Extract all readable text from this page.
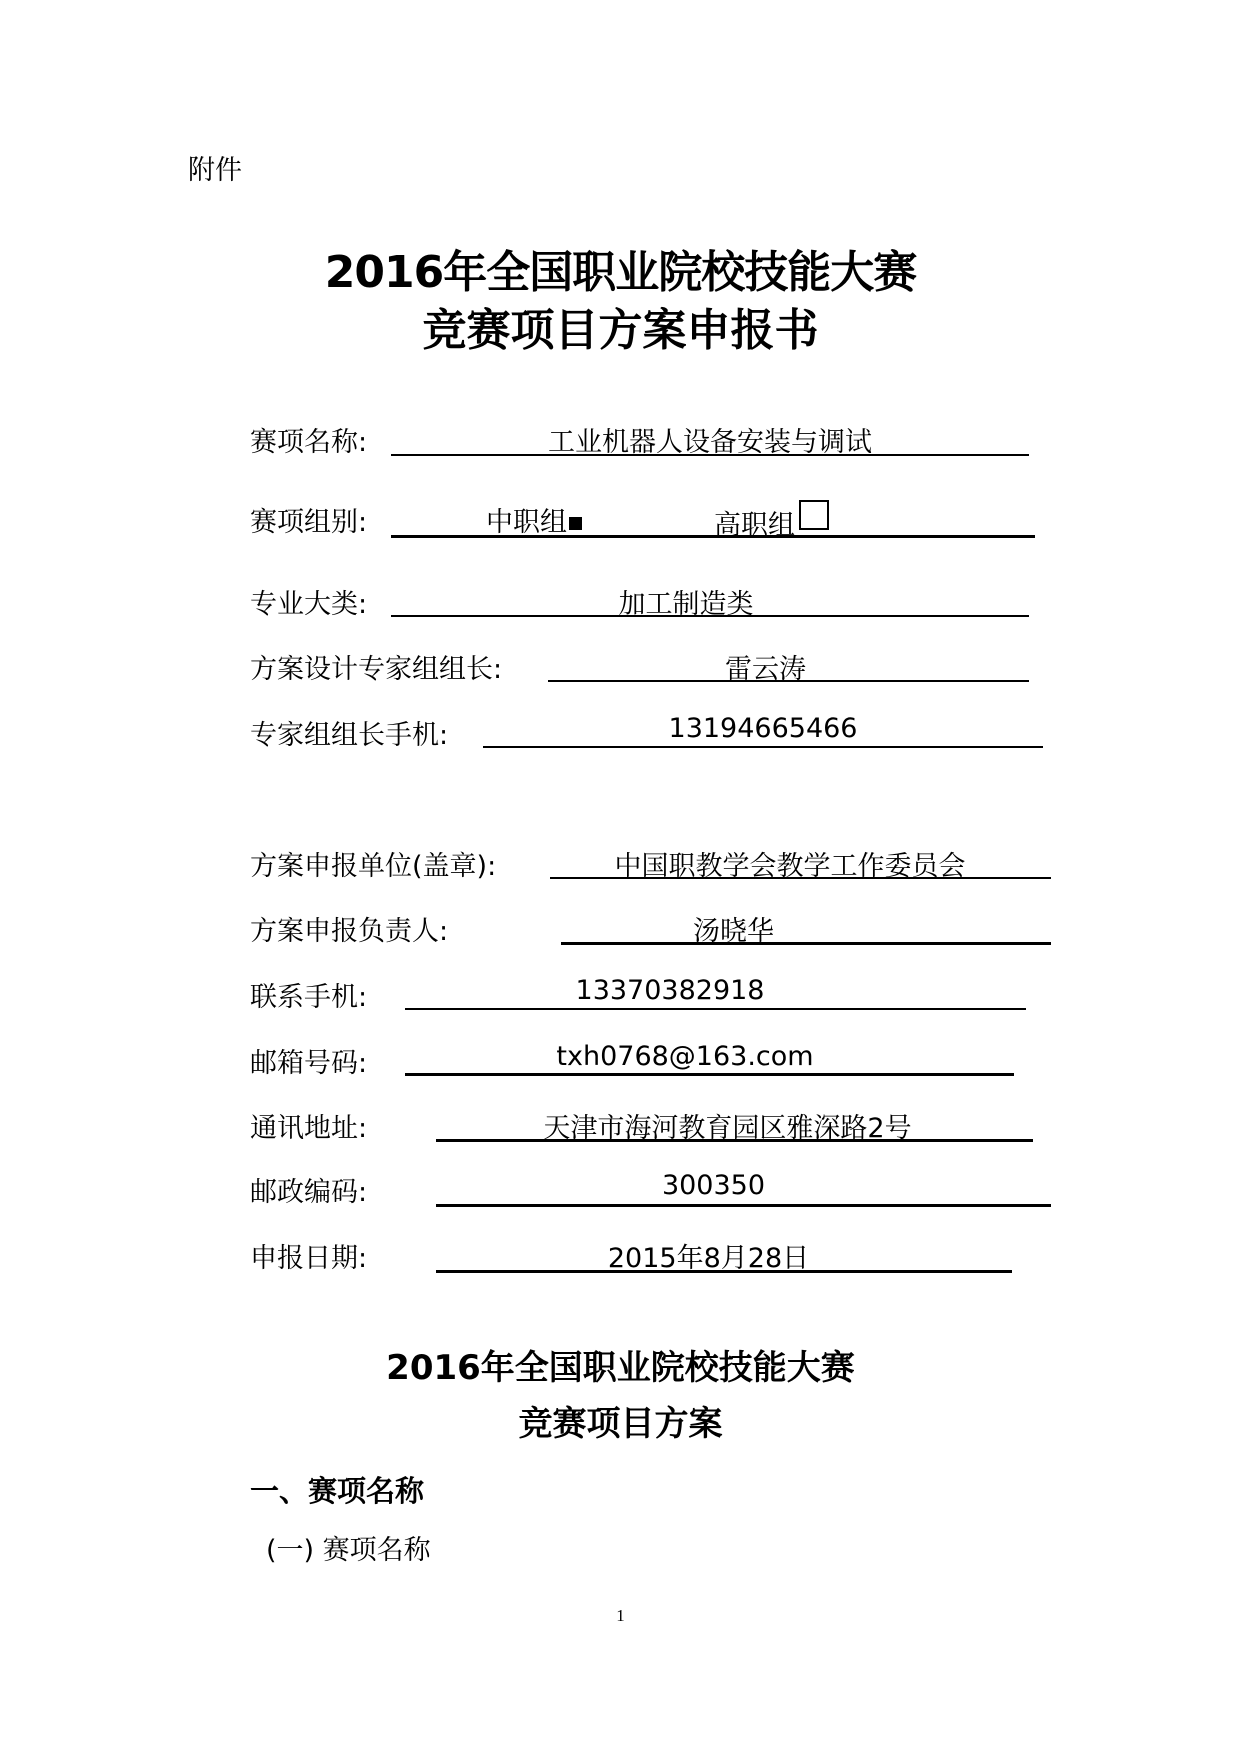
附件
2016年全国职业院校技能大赛
竞赛项目方案申报书
赛项名称:	工业机器人设备安装与调试
赛项组别:	中职组	高职组
专业大类:	加工制造类
方案设计专家组组长:	雷云涛
专家组组长手机:	13194665466
方案申报单位(盖章):	中国职教学会教学工作委员会
方案申报负责人:	汤晓华
联系手机:	13370382918
邮箱号码:	txh0768@163.com
通讯地址:	天津市海河教育园区雅深路2号
邮政编码:	300350
申报日期:	2015年8月28日
2016年全国职业院校技能大赛
竞赛项目方案
一、赛项名称
(一) 赛项名称
1
